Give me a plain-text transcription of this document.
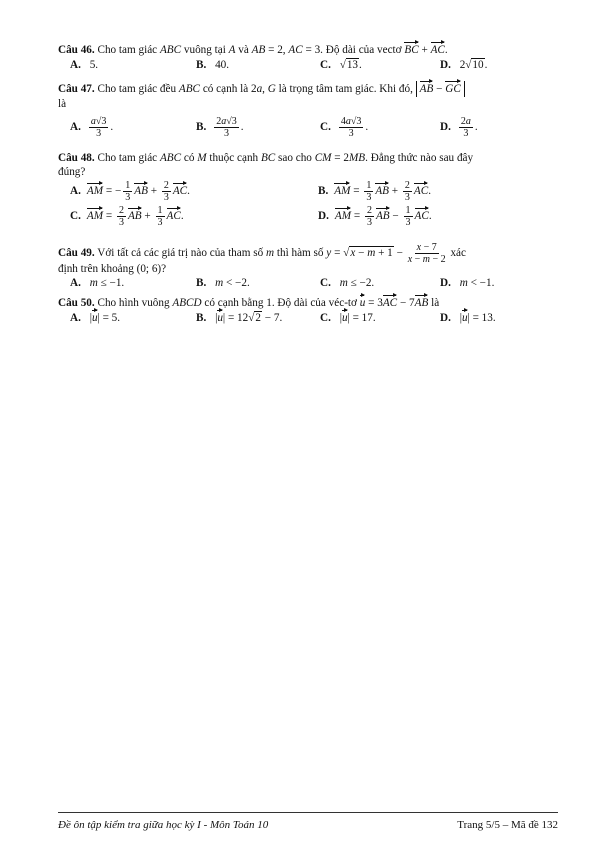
Câu 46. Cho tam giác ABC vuông tại A và AB = 2, AC = 3. Độ dài của vectơ BC + AC.
A. 5.	B. 40.	C. √13.	D. 2√10.
Câu 47. Cho tam giác đều ABC có cạnh là 2a, G là trọng tâm tam giác. Khi đó, AB − GC
là
A. $\frac{a√3}{3}$ .	B. $\frac{2a√3}{3}$ .	C. $\frac{4a√3}{3}$ .	D. $\frac{2a}{3}$ .
Câu 48. Cho tam giác ABC có M thuộc cạnh BC sao cho CM = 2MB. Đẳng thức nào sau đây
đúng?
A. AM = − $\frac{1}{3}$ AB + $\frac{2}{3}$ AC.	B. AM = $\frac{1}{3}$ AB + $\frac{2}{3}$ AC.
C. AM = $\frac{2}{3}$ AB + $\frac{1}{3}$ AC.	D. AM = $\frac{2}{3}$ AB − $\frac{1}{3}$ AC.
Câu 49. Với tất cả các giá trị nào của tham số m thì hàm số $y = √x - m + 1 - \frac{x - 7}{x - m - 2}$ xác
định trên khoảng (0; 6)?
A. m ≤ −1.	B. m < −2.	C. m ≤ −2.	D. m < −1.
Câu 50. Cho hình vuông ABCD có cạnh bằng 1. Độ dài của véc-tơ u = 3AC − 7AB là
A. |u| = 5.	B. |u| = 12√2 − 7.	C. |u| = 17.	D. |u| = 13.
Đề ôn tập kiểm tra giữa học kỳ I - Môn Toán 10	Trang 5/5 – Mã đề 132
